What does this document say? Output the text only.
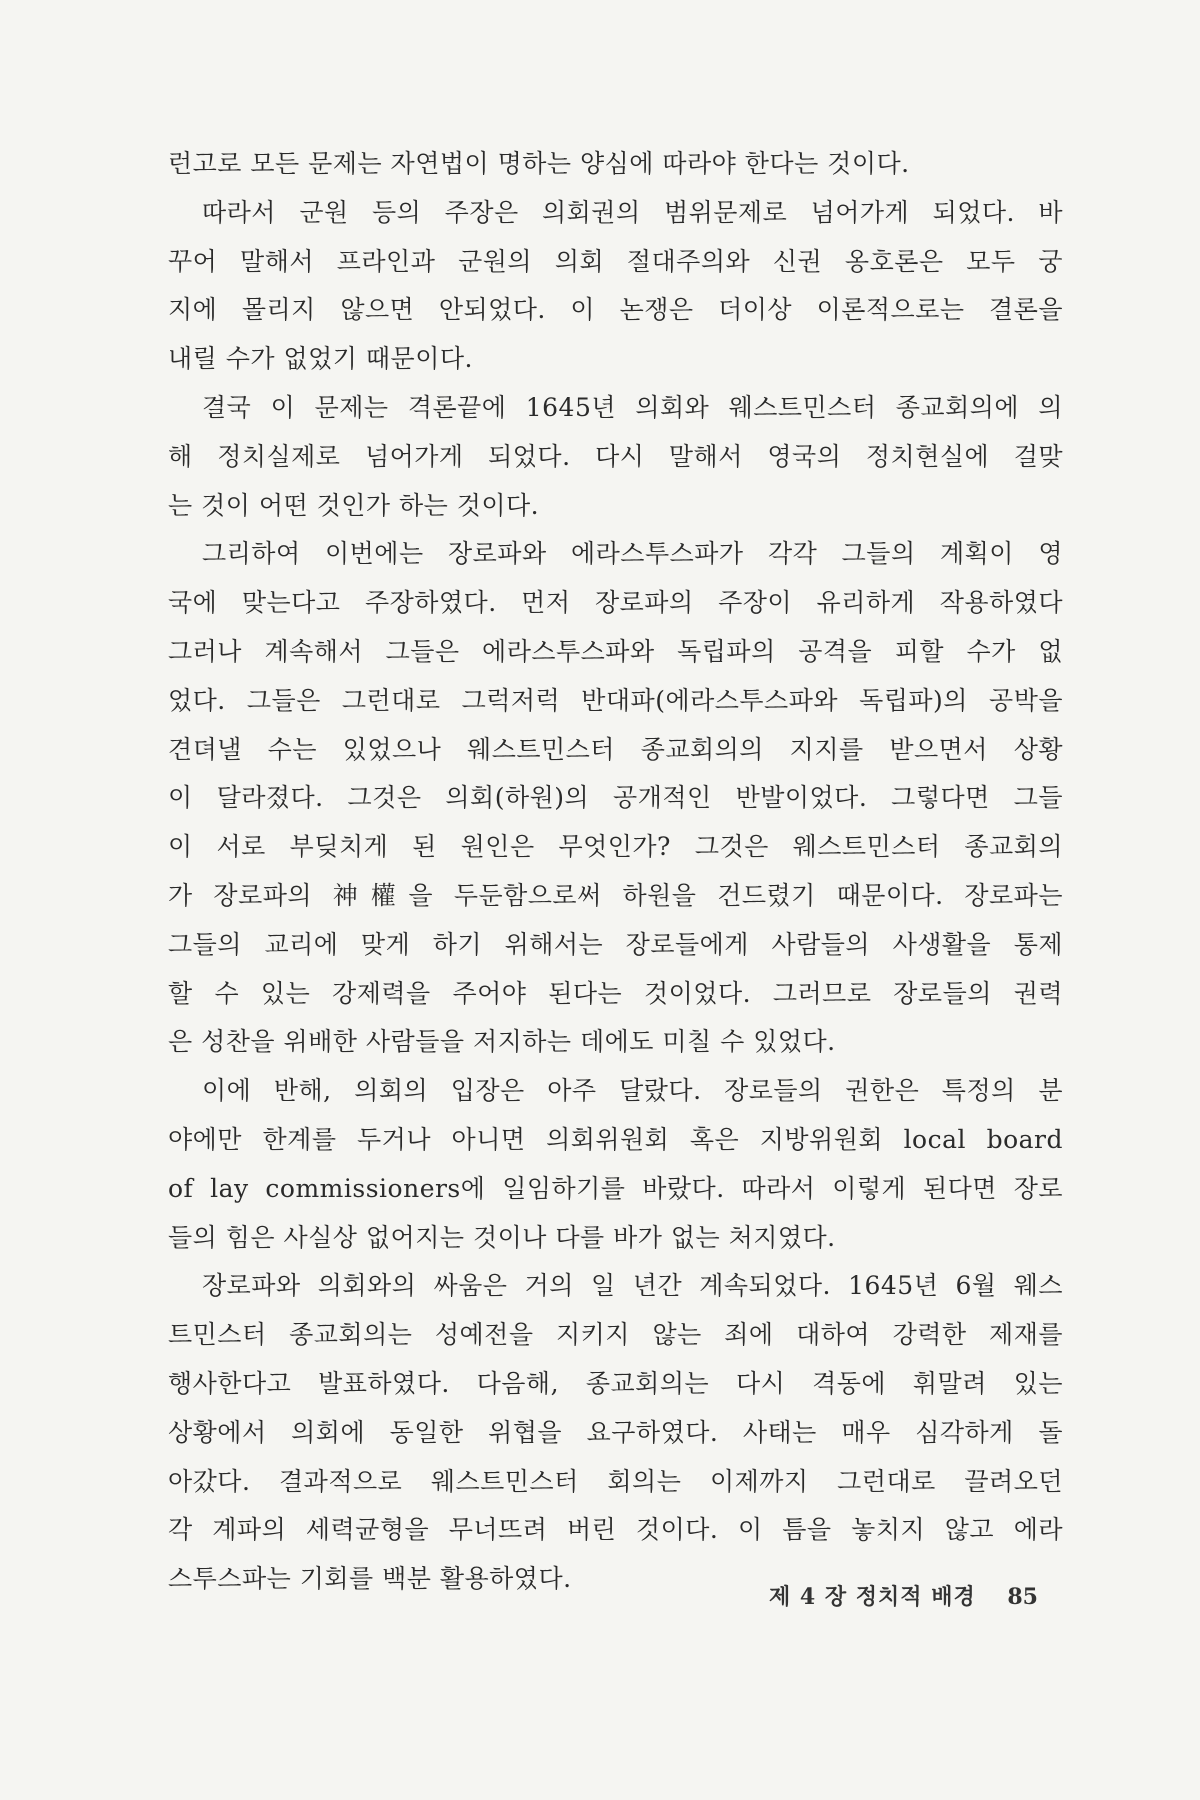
런고로 모든 문제는 자연법이 명하는 양심에 따라야 한다는 것이다.
따라서 군원 등의 주장은 의회권의 범위문제로 넘어가게 되었다. 바
꾸어 말해서 프라인과 군원의 의회 절대주의와 신권 옹호론은 모두 궁
지에 몰리지 않으면 안되었다. 이 논쟁은 더이상 이론적으로는 결론을
내릴 수가 없었기 때문이다.
결국 이 문제는 격론끝에 1645년 의회와 웨스트민스터 종교회의에 의
해 정치실제로 넘어가게 되었다. 다시 말해서 영국의 정치현실에 걸맞
는 것이 어떤 것인가 하는 것이다.
그리하여 이번에는 장로파와 에라스투스파가 각각 그들의 계획이 영
국에 맞는다고 주장하였다. 먼저 장로파의 주장이 유리하게 작용하였다
그러나 계속해서 그들은 에라스투스파와 독립파의 공격을 피할 수가 없
었다. 그들은 그런대로 그럭저럭 반대파(에라스투스파와 독립파)의 공박을
견뎌낼 수는 있었으나 웨스트민스터 종교회의의 지지를 받으면서 상황
이 달라졌다. 그것은 의회(하원)의 공개적인 반발이었다. 그렇다면 그들
이 서로 부딪치게 된 원인은 무엇인가? 그것은 웨스트민스터 종교회의
가 장로파의 神權을 두둔함으로써 하원을 건드렸기 때문이다. 장로파는
그들의 교리에 맞게 하기 위해서는 장로들에게 사람들의 사생활을 통제
할 수 있는 강제력을 주어야 된다는 것이었다. 그러므로 장로들의 권력
은 성찬을 위배한 사람들을 저지하는 데에도 미칠 수 있었다.
이에 반해, 의회의 입장은 아주 달랐다. 장로들의 권한은 특정의 분
야에만 한계를 두거나 아니면 의회위원회 혹은 지방위원회 local board
of lay commissioners에 일임하기를 바랐다. 따라서 이렇게 된다면 장로
들의 힘은 사실상 없어지는 것이나 다를 바가 없는 처지였다.
장로파와 의회와의 싸움은 거의 일 년간 계속되었다. 1645년 6월 웨스
트민스터 종교회의는 성예전을 지키지 않는 죄에 대하여 강력한 제재를
행사한다고 발표하였다. 다음해, 종교회의는 다시 격동에 휘말려 있는
상황에서 의회에 동일한 위협을 요구하였다. 사태는 매우 심각하게 돌
아갔다. 결과적으로 웨스트민스터 회의는 이제까지 그런대로 끌려오던
각 계파의 세력균형을 무너뜨려 버린 것이다. 이 틈을 놓치지 않고 에라
스투스파는 기회를 백분 활용하였다.
제 4 장 정치적 배경 85
